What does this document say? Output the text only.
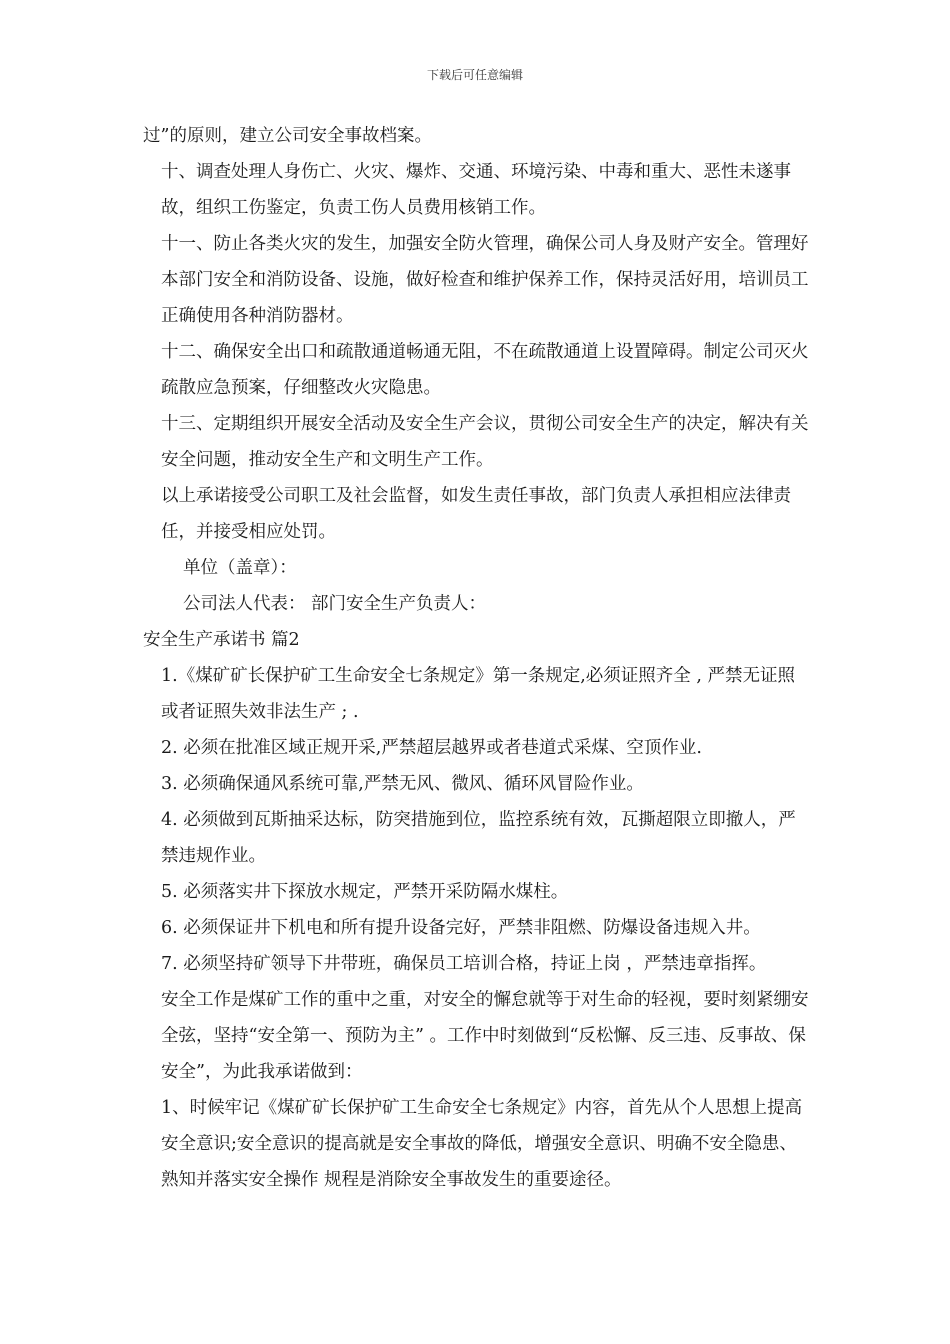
下载后可任意编辑

过”的原则，建立公司安全事故档案。

十、调查处理人身伤亡、火灾、爆炸、交通、环境污染、中毒和重大、恶性未遂事故，组织工伤鉴定，负责工伤人员费用核销工作。

十一、防止各类火灾的发生，加强安全防火管理，确保公司人身及财产安全。管理好本部门安全和消防设备、设施，做好检查和维护保养工作，保持灵活好用，培训员工正确使用各种消防器材。

十二、确保安全出口和疏散通道畅通无阻，不在疏散通道上设置障碍。制定公司灭火疏散应急预案，仔细整改火灾隐患。

十三、定期组织开展安全活动及安全生产会议，贯彻公司安全生产的决定，解决有关安全问题，推动安全生产和文明生产工作。

以上承诺接受公司职工及社会监督，如发生责任事故，部门负责人承担相应法律责任，并接受相应处罚。

单位（盖章）：

公司法人代表： 部门安全生产负责人：

安全生产承诺书 篇2

1.《煤矿矿长保护矿工生命安全七条规定》第一条规定,必须证照齐全 , 严禁无证照或者证照失效非法生产 ; .

2. 必须在批准区域正规开采,严禁超层越界或者巷道式采煤、空顶作业.

3. 必须确保通风系统可靠,严禁无风、微风、循环风冒险作业。

4. 必须做到瓦斯抽采达标，防突措施到位，监控系统有效，瓦撕超限立即撤人，严禁违规作业。

5. 必须落实井下探放水规定，严禁开采防隔水煤柱。

6. 必须保证井下机电和所有提升设备完好，严禁非阻燃、防爆设备违规入井。

7. 必须坚持矿领导下井带班，确保员工培训合格，持证上岗 ，严禁违章指挥。

安全工作是煤矿工作的重中之重，对安全的懈怠就等于对生命的轻视，要时刻紧绷安全弦，坚持“安全第一、预防为主” 。工作中时刻做到“反松懈、反三违、反事故、保安全”，为此我承诺做到：

1、时候牢记《煤矿矿长保护矿工生命安全七条规定》内容，首先从个人思想上提高安全意识;安全意识的提高就是安全事故的降低，增强安全意识、明确不安全隐患、熟知并落实安全操作 规程是消除安全事故发生的重要途径。
